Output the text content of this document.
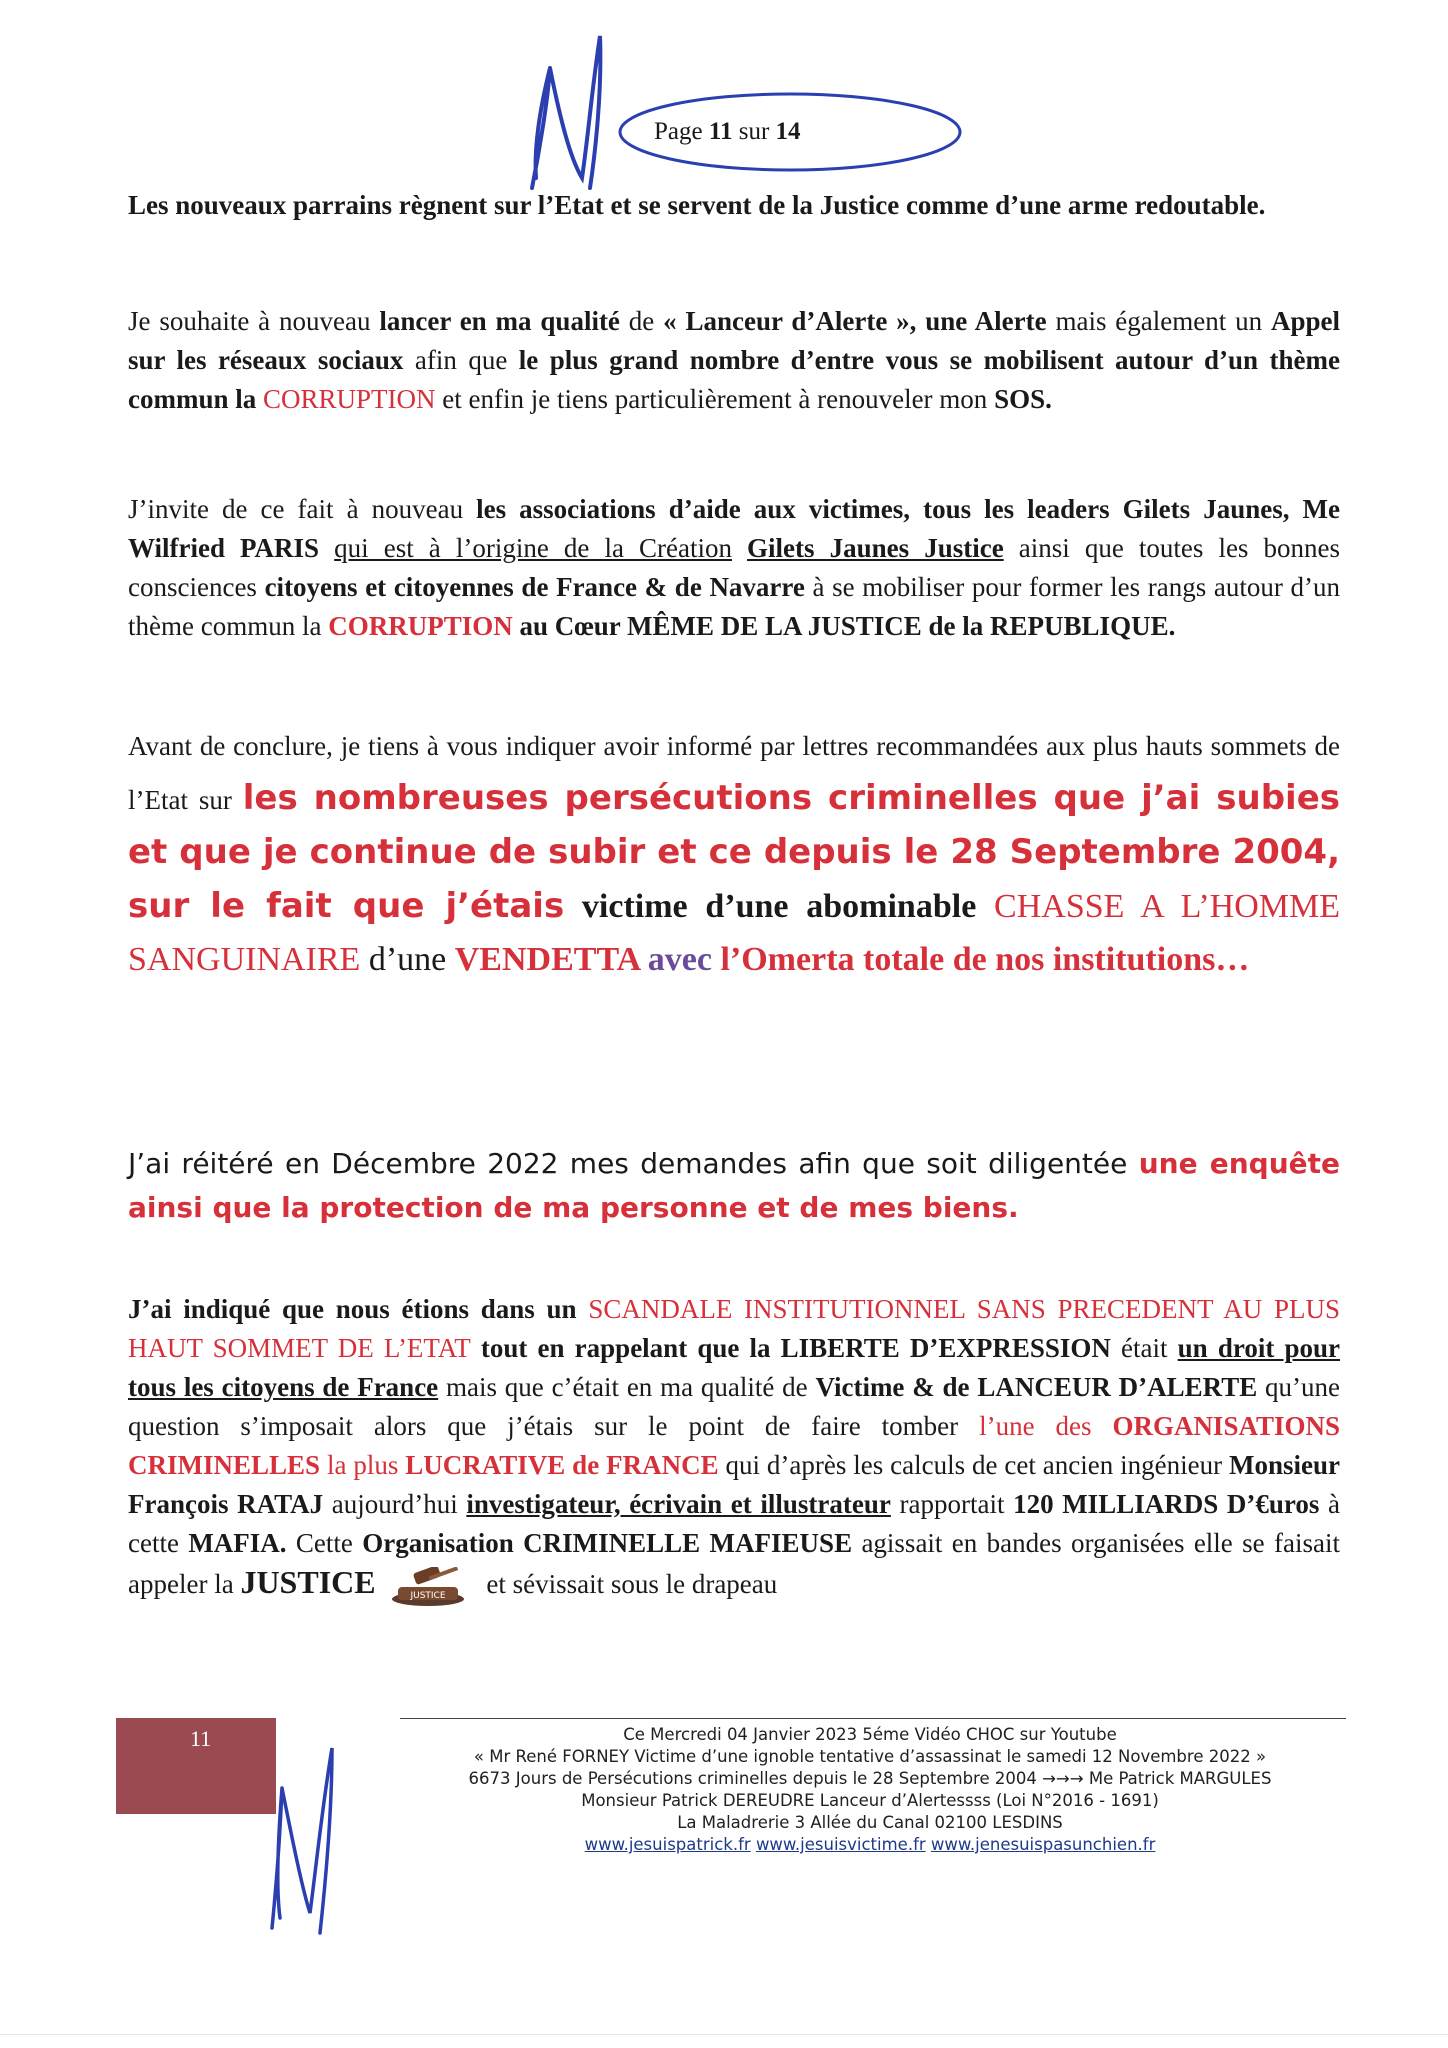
Page 11 sur 14
Les nouveaux parrains règnent sur l’Etat et se servent de la Justice comme d’une arme redoutable.
Je souhaite à nouveau lancer en ma qualité de « Lanceur d’Alerte », une Alerte mais également un Appel sur les réseaux sociaux afin que le plus grand nombre d’entre vous se mobilisent autour d’un thème commun la CORRUPTION et enfin je tiens particulièrement à renouveler mon SOS.
J’invite de ce fait à nouveau les associations d’aide aux victimes, tous les leaders Gilets Jaunes, Me Wilfried PARIS qui est à l’origine de la Création Gilets Jaunes Justice ainsi que toutes les bonnes consciences citoyens et citoyennes de France & de Navarre à se mobiliser pour former les rangs autour d’un thème commun la CORRUPTION au Cœur MÊME DE LA JUSTICE de la REPUBLIQUE.
Avant de conclure, je tiens à vous indiquer avoir informé par lettres recommandées aux plus hauts sommets de l’Etat sur les nombreuses persécutions criminelles que j’ai subies et que je continue de subir et ce depuis le 28 Septembre 2004, sur le fait que j’étais victime d’une abominable CHASSE A L’HOMME SANGUINAIRE d’une VENDETTA avec l’Omerta totale de nos institutions…
J’ai réitéré en Décembre 2022 mes demandes afin que soit diligentée une enquête ainsi que la protection de ma personne et de mes biens.
J’ai indiqué que nous étions dans un SCANDALE INSTITUTIONNEL SANS PRECEDENT AU PLUS HAUT SOMMET DE L’ETAT tout en rappelant que la LIBERTE D’EXPRESSION était un droit pour tous les citoyens de France mais que c’était en ma qualité de Victime & de LANCEUR D’ALERTE qu’une question s’imposait alors que j’étais sur le point de faire tomber l’une des ORGANISATIONS CRIMINELLES la plus LUCRATIVE de FRANCE qui d’après les calculs de cet ancien ingénieur Monsieur François RATAJ aujourd’hui investigateur, écrivain et illustrateur rapportait 120 MILLIARDS D’€uros à cette MAFIA. Cette Organisation CRIMINELLE MAFIEUSE agissait en bandes organisées elle se faisait appeler la JUSTICE	JUSTICE et sévissait sous le drapeau
11	Ce Mercredi 04 Janvier 2023 5éme Vidéo CHOC sur Youtube
« Mr René FORNEY Victime d’une ignoble tentative d’assassinat le samedi 12 Novembre 2022 »
6673 Jours de Persécutions criminelles depuis le 28 Septembre 2004 →→→ Me Patrick MARGULES
Monsieur Patrick DEREUDRE Lanceur d’Alertessss (Loi N°2016 - 1691)
La Maladrerie 3 Allée du Canal 02100 LESDINS
www.jesuispatrick.fr www.jesuisvictime.fr www.jenesuispasunchien.fr
